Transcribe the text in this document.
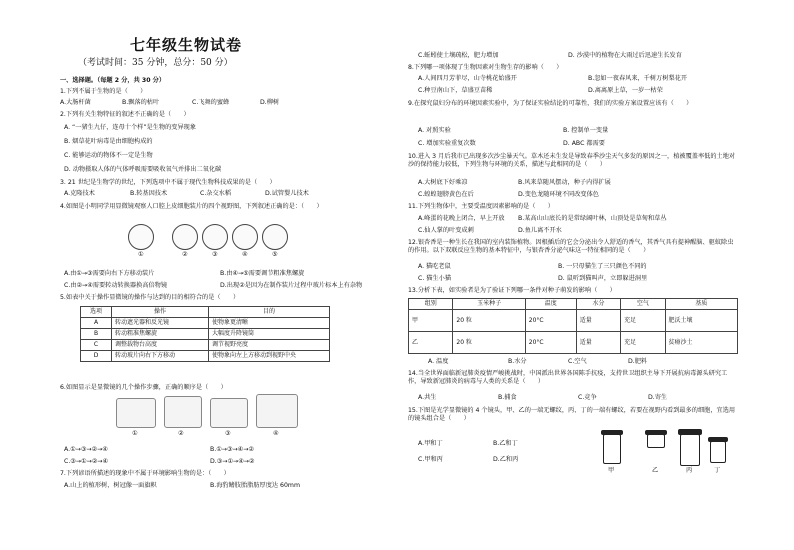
七年级生物试卷
（考试时间：35 分钟，总分：50 分）
一、选择题。（每题 2 分，共 30 分）
1.下列不属于生物的是（　　）
A.大肠杆菌	B.飘落的枯叶	C.飞舞的蜜蜂	D.柳树
2.下列有关生物特征的叙述不正确的是（　　）
A. “一猪生九仔，连母十个样”是生物的变异现象
B. 烟草花叶病毒是由细胞构成的
C. 能够运动的物体不一定是生物
D. 动物摄取人体的气体呼吸需要吸收氧气并排出二氧化碳
3. 21 世纪是生物学的世纪，下列选项中不属于现代生物科技成果的是（　　）
A.克隆技术	B.转基因技术	C.杂交水稻	D.试管婴儿技术
4.如图是小明同学用显微镜观察人口腔上皮细胞装片的四个视野图，下列叙述正确的是：（　　）
①	②	③	④	⑤
A.由①→③需要向右下方移动装片	B.由④→⑤需要调节粗准焦螺旋
C.由②→④需要转动转换器换高倍物镜	D.出现②是因为在制作装片过程中玻片标本上有杂物
5.如表中关于操作显微镜的操作与达到的目的相符合的是（　　）
选项	操作	目的
A	转动遮光器和反光镜	使物象更清晰
B	转动粗准焦螺旋	大幅度升降镜筒
C	调整载物台高度	调节视野亮度
D	转动玻片向右下方移动	使物象向左上方移动到视野中央
6.如图显示是显微镜的几个操作步骤，正确的顺序是（　　）
①	②	③	④
A.①→③→②→④	B.①→③→④→②
C.③→①→②→④	D.③→①→④→②
7.下列谚语所描述的现象中不属于环境影响生物的是：（　　）
A.山上的植形树，树冠像一面旗帜	B.海豹鳍肢胎脂肪厚度达 60mm
C.蚯蚓使土壤疏松，肥力增加	D. 沙漠中的植物在大雨过后迅速生长发育
8.下列哪一项体现了生物因素对生物生存的影响（　　）
A.人间四月芳菲尽，山寺桃花始盛开	B.忽如一夜春风来，千树万树梨花开
C.种豆南山下，草盛豆苗稀	D.离离原上草，一岁一枯荣
9.在探究鼠妇分布的环境因素实验中，为了保证实验结论的可靠性，我们的实验方案设置应该有（　　）
A. 对照实验	B. 控制单一变量
C. 增加实验重复次数	D. ABC 都需要
10.进入 3 月后我市已出现多次沙尘暴天气。草木还未生发是导致春季沙尘天气多发的原因之一，植被覆盖率低的土地对沙的保持能力较低，下列生物与环境的关系，描述与此相同的是（　　）
A.大树底下好乘凉	B.风来草随风摆动，种子内得扩展
C.蝗蝗翅膀黄色在后	D.变色龙随环境不同改变体色
11.下列生物体中，主要受温度因素影响的是（　　）
A.峰蛋的花晚上闭合，早上开放 B.某高山山底长的是常绿阔叶林，山顶处是草甸和草丛
C.仙人掌的叶变成刺	D.鱼儿离不开水
12.银杏香是一种生长在我国的室内装饰植物。因根插后的它会分泌出令人舒适的香气，其香气具有提神醒脑、驱蚊除虫的作用。以下双联反应生物的基本特征中，与银杏香分泌气味这一特征相同的是（　　）
A. 猫吃老鼠	B. 一只母猫生了三只颜色不同的
C. 猫生小猫	D. 鼠听到猫叫声，立即躲进洞里
13.分析下表，如实验者是为了验证下列哪一条件对种子萌发的影响（　　）
组别	玉米种子	温度	水分	空气	基质
甲	20 粒	20°C	适量	充足	肥沃土壤
乙	20 粒	20°C	适量	充足	贫瘠沙土
A. 温度	B.水分	C.空气	D.肥料
14.当全世界面临新冠肺炎疫情严峻挑战时，中国派出世界各国陈手抗疫，支持世卫组织主导下开展抗病毒源头研究工作，导致新冠肺炎的病毒与人类的关系是（　　）
A.共生	B.捕食	C.竞争	D.寄生
15.下图是光学显微镜的 4 个镜头，甲、乙的一端无螺纹，丙、丁的一端有螺纹，若要在视野内看到最多的细胞，宜选用的镜头组合是（　　）
A.甲和丁	B.乙和丁
C.甲和丙	D.乙和丙
甲	乙	丙	丁
